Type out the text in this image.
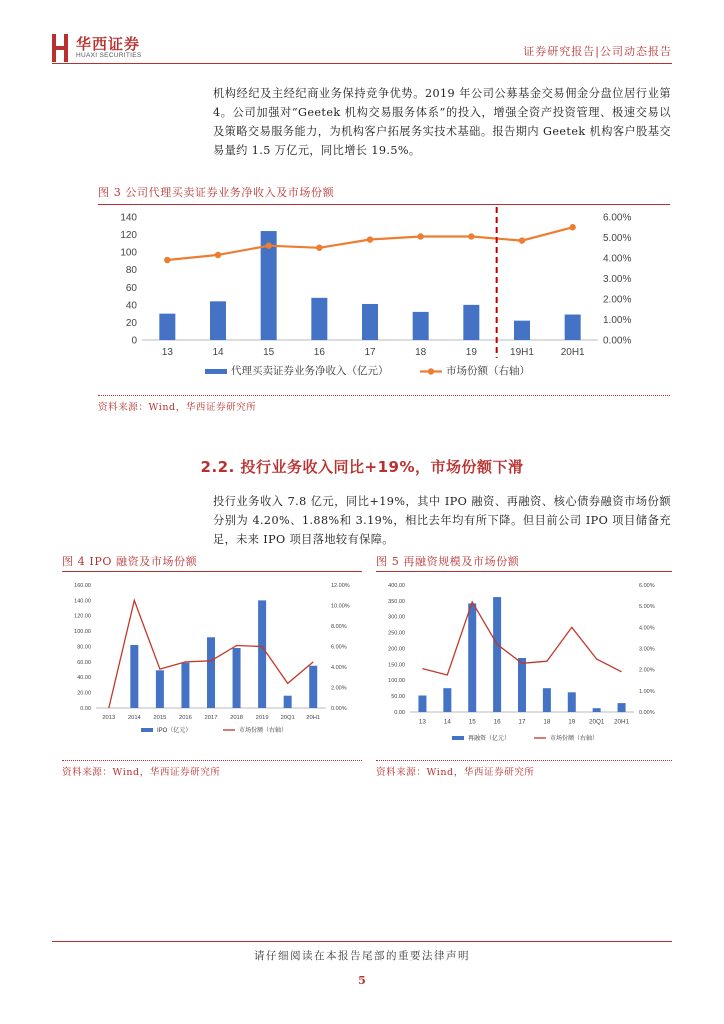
华西证券
HUAXI SECURITIES	证券研究报告|公司动态报告
机构经纪及主经纪商业务保持竞争优势。2019 年公司公募基金交易佣金分盘位居行业第 4。公司加强对“Geetek 机构交易服务体系”的投入，增强全资产投资管理、极速交易以及策略交易服务能力，为机构客户拓展务实技术基础。报告期内 Geetek 机构客户股基交易量约 1.5 万亿元，同比增长 19.5%。
图 3 公司代理买卖证券业务净收入及市场份额
0
20
40
60
80
100
120
140
0.00%
1.00%
2.00%
3.00%
4.00%
5.00%
6.00%
13	14	15	16	17	18	19	19H1	20H1
代理买卖证券业务净收入（亿元）	市场份额（右轴）
资料来源：Wind，华西证券研究所
2.2. 投行业务收入同比+19%，市场份额下滑
投行业务收入 7.8 亿元，同比+19%，其中 IPO 融资、再融资、核心债券融资市场份额分别为 4.20%、1.88%和 3.19%，相比去年均有所下降。但目前公司 IPO 项目储备充足，未来 IPO 项目落地较有保障。
图 4 IPO 融资及市场份额
0.00
20.00
40.00
60.00
80.00
100.00
120.00
140.00
160.00
0.00%
2.00%
4.00%
6.00%
8.00%
10.00%
12.00%
2013 2014 2015 2016 2017 2018 2019 20Q1 20H1
IPO（亿元）	市场份额（右轴）
资料来源：Wind，华西证券研究所
图 5 再融资规模及市场份额
0.00
50.00
100.00
150.00
200.00
250.00
300.00
350.00
400.00
0.00%
1.00%
2.00%
3.00%
4.00%
5.00%
6.00%
13	14	15	16	17	18	19 20Q1 20H1
再融资（亿元）	市场份额（右轴）
资料来源：Wind，华西证券研究所
请仔细阅读在本报告尾部的重要法律声明
5
